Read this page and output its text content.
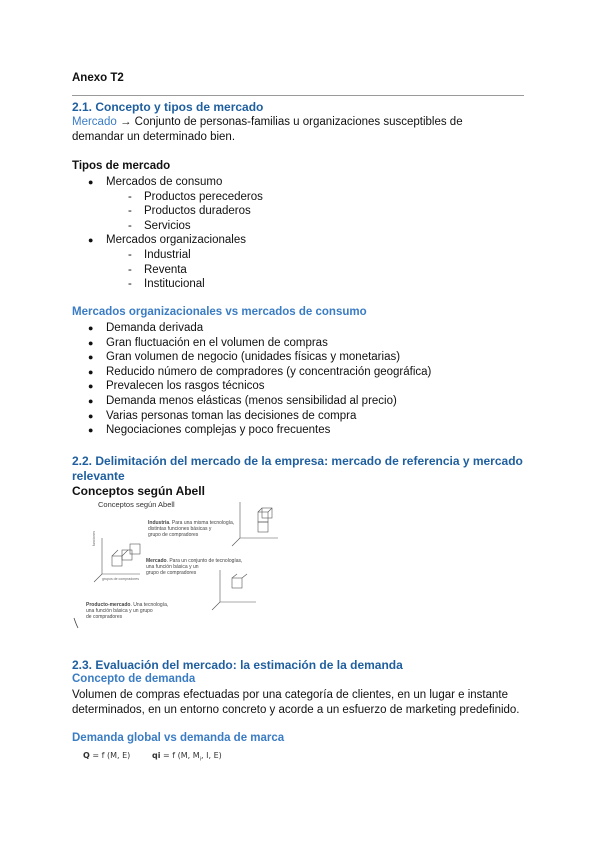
Anexo T2
2.1. Concepto y tipos de mercado
Mercado → Conjunto de personas-familias u organizaciones susceptibles de
demandar un determinado bien.
Tipos de mercado
● Mercados de consumo
- Productos perecederos
- Productos duraderos
- Servicios
● Mercados organizacionales
- Industrial
- Reventa
- Institucional
Mercados organizacionales vs mercados de consumo
● Demanda derivada
● Gran fluctuación en el volumen de compras
● Gran volumen de negocio (unidades físicas y monetarias)
● Reducido número de compradores (y concentración geográfica)
● Prevalecen los rasgos técnicos
● Demanda menos elásticas (menos sensibilidad al precio)
● Varias personas toman las decisiones de compra
● Negociaciones complejas y poco frecuentes
2.2. Delimitación del mercado de la empresa: mercado de referencia y mercado
relevante
Conceptos según Abell
Conceptos según Abell
Industria. Para una misma tecnología,
distintas funciones básicas y
grupo de compradores
Mercado. Para un conjunto de tecnologías,
una función básica y un
grupo de compradores
Producto-mercado. Una tecnología,
una función básica y un grupo
de compradores
funciones
grupos de compradores
2.3. Evaluación del mercado: la estimación de la demanda
Concepto de demanda
Volumen de compras efectuadas por una categoría de clientes, en un lugar e instante
determinados, en un entorno concreto y acorde a un esfuerzo de marketing predefinido.
Demanda global vs demanda de marca
Q = f (M, E)	qi = f (M, $M_i$, I, E)
